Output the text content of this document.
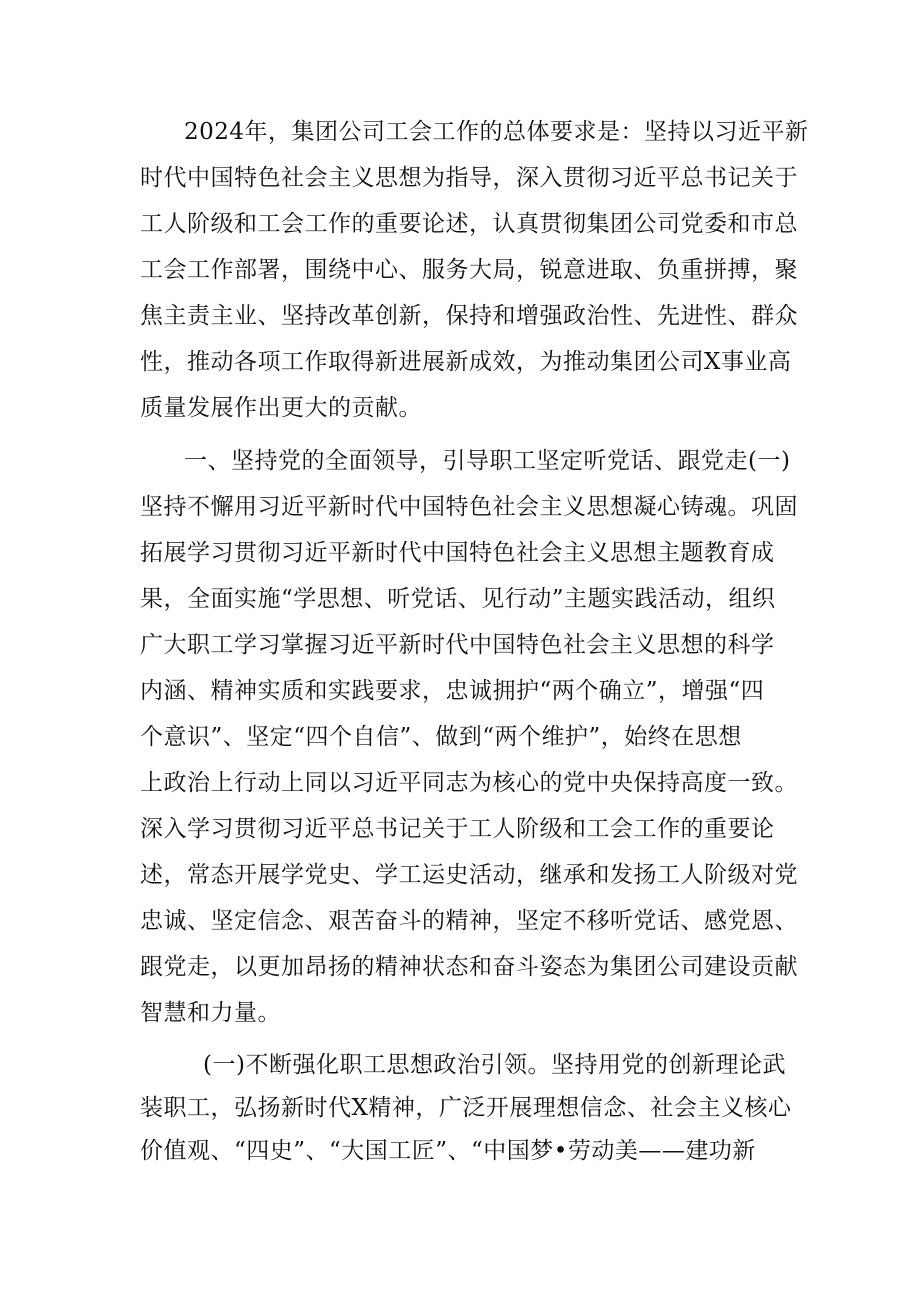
2024年，集团公司工会工作的总体要求是：坚持以习近平新
时代中国特色社会主义思想为指导，深入贯彻习近平总书记关于
工人阶级和工会工作的重要论述，认真贯彻集团公司党委和市总
工会工作部署，围绕中心、服务大局，锐意进取、负重拼搏，聚
焦主责主业、坚持改革创新，保持和增强政治性、先进性、群众
性，推动各项工作取得新进展新成效，为推动集团公司X事业高
质量发展作出更大的贡献。
一、坚持党的全面领导，引导职工坚定听党话、跟党走(一)
坚持不懈用习近平新时代中国特色社会主义思想凝心铸魂。巩固
拓展学习贯彻习近平新时代中国特色社会主义思想主题教育成
果，全面实施“学思想、听党话、见行动”主题实践活动，组织
广大职工学习掌握习近平新时代中国特色社会主义思想的科学
内涵、精神实质和实践要求，忠诚拥护“两个确立”，增强“四
个意识”、坚定“四个自信”、做到“两个维护”，始终在思想
上政治上行动上同以习近平同志为核心的党中央保持高度一致。
深入学习贯彻习近平总书记关于工人阶级和工会工作的重要论
述，常态开展学党史、学工运史活动，继承和发扬工人阶级对党
忠诚、坚定信念、艰苦奋斗的精神，坚定不移听党话、感党恩、
跟党走，以更加昂扬的精神状态和奋斗姿态为集团公司建设贡献
智慧和力量。
(一)不断强化职工思想政治引领。坚持用党的创新理论武
装职工，弘扬新时代X精神，广泛开展理想信念、社会主义核心
价值观、“四史”、“大国工匠”、“中国梦•劳动美——建功新
